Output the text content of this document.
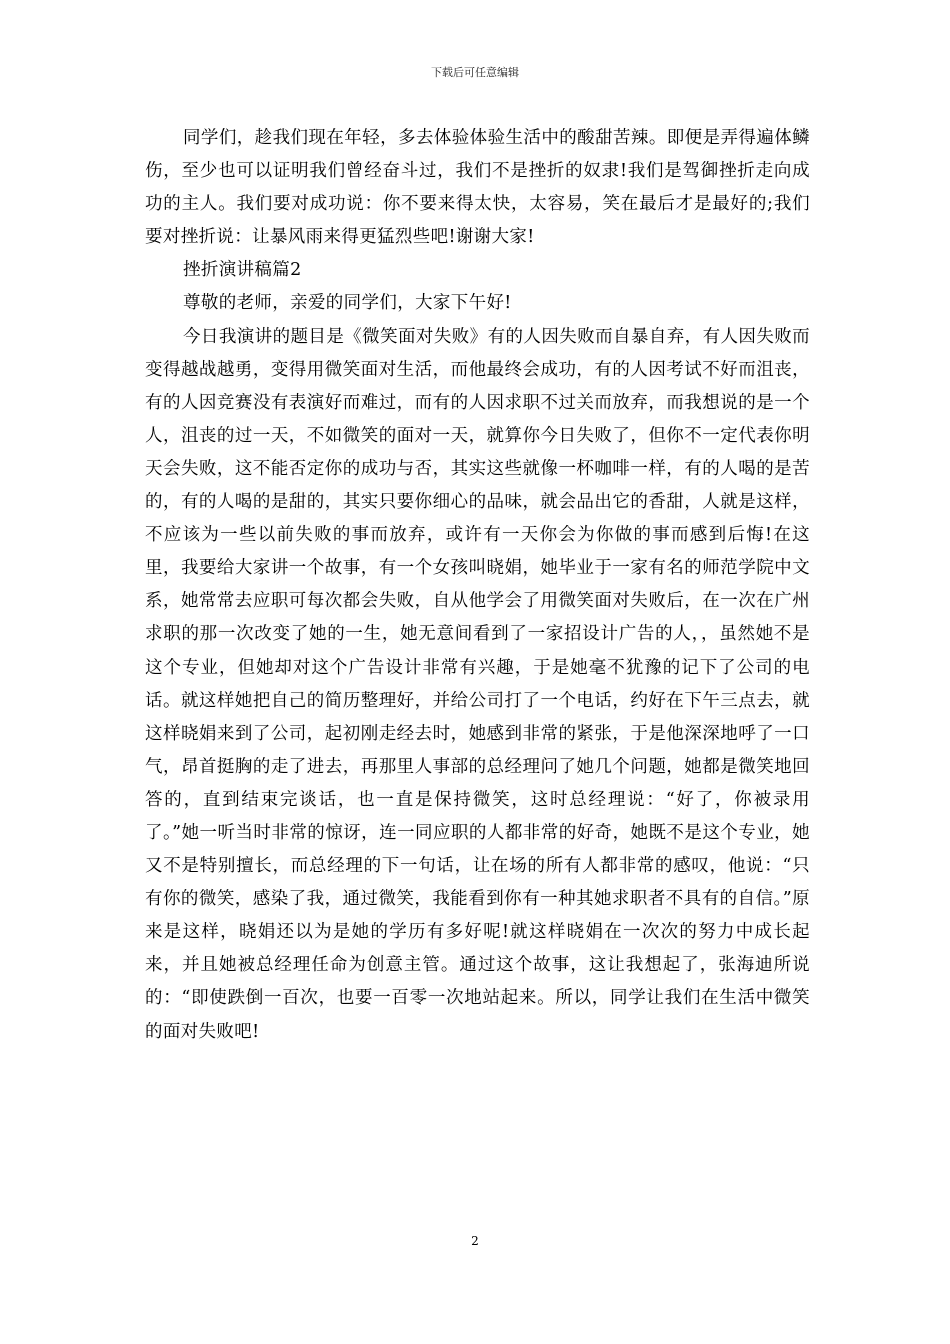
下载后可任意编辑

同学们，趁我们现在年轻，多去体验体验生活中的酸甜苦辣。即便是弄得遍体鳞伤，至少也可以证明我们曾经奋斗过，我们不是挫折的奴隶!我们是驾御挫折走向成功的主人。我们要对成功说：你不要来得太快，太容易，笑在最后才是最好的;我们要对挫折说：让暴风雨来得更猛烈些吧!谢谢大家!

挫折演讲稿篇2

尊敬的老师，亲爱的同学们，大家下午好!

今日我演讲的题目是《微笑面对失败》有的人因失败而自暴自弃，有人因失败而变得越战越勇，变得用微笑面对生活，而他最终会成功，有的人因考试不好而沮丧，有的人因竞赛没有表演好而难过，而有的人因求职不过关而放弃，而我想说的是一个人，沮丧的过一天，不如微笑的面对一天，就算你今日失败了，但你不一定代表你明天会失败，这不能否定你的成功与否，其实这些就像一杯咖啡一样，有的人喝的是苦的，有的人喝的是甜的，其实只要你细心的品味，就会品出它的香甜，人就是这样，不应该为一些以前失败的事而放弃，或许有一天你会为你做的事而感到后悔!在这里，我要给大家讲一个故事，有一个女孩叫晓娟，她毕业于一家有名的师范学院中文系，她常常去应职可每次都会失败，自从他学会了用微笑面对失败后，在一次在广州求职的那一次改变了她的一生，她无意间看到了一家招设计广告的人，，虽然她不是这个专业，但她却对这个广告设计非常有兴趣，于是她毫不犹豫的记下了公司的电话。就这样她把自己的简历整理好，并给公司打了一个电话，约好在下午三点去，就这样晓娟来到了公司，起初刚走经去时，她感到非常的紧张，于是他深深地呼了一口气，昂首挺胸的走了进去，再那里人事部的总经理问了她几个问题，她都是微笑地回答的，直到结束完谈话，也一直是保持微笑，这时总经理说：“好了，你被录用了。”她一听当时非常的惊讶，连一同应职的人都非常的好奇，她既不是这个专业，她又不是特别擅长，而总经理的下一句话，让在场的所有人都非常的感叹，他说：“只有你的微笑，感染了我，通过微笑，我能看到你有一种其她求职者不具有的自信。”原来是这样，晓娟还以为是她的学历有多好呢!就这样晓娟在一次次的努力中成长起来，并且她被总经理任命为创意主管。通过这个故事，这让我想起了，张海迪所说的：“即使跌倒一百次，也要一百零一次地站起来。所以，同学让我们在生活中微笑的面对失败吧!

2
